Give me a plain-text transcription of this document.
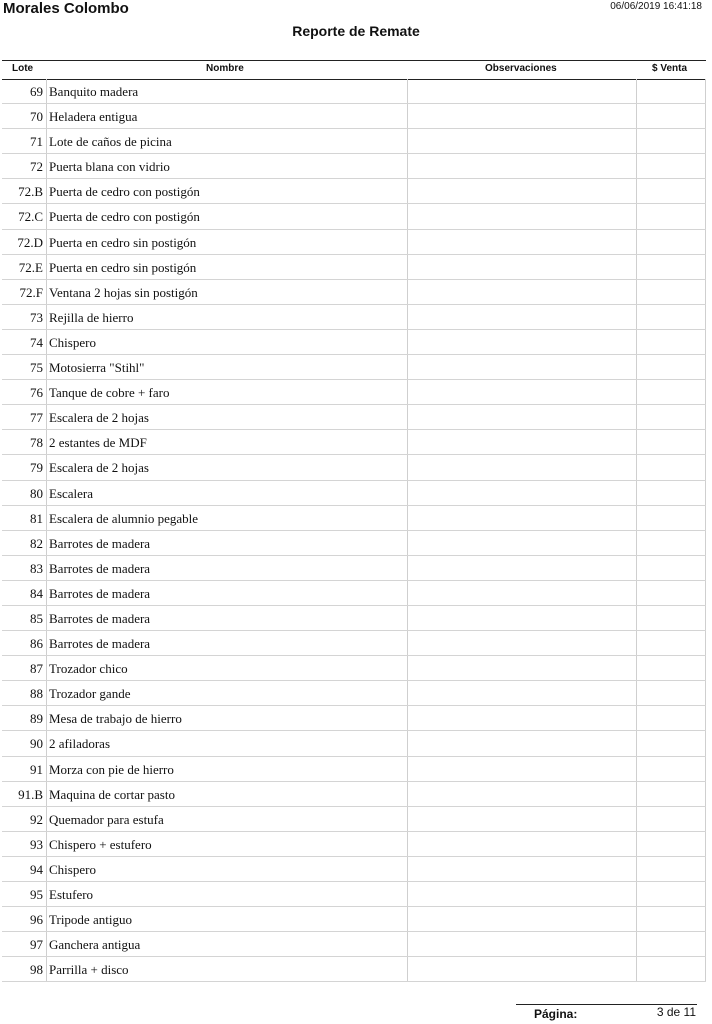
Morales Colombo	06/06/2019 16:41:18
Reporte de Remate
Lote	Nombre	Observaciones	$ Venta
69 Banquito madera
70 Heladera entigua
71 Lote de caños de picina
72 Puerta blana con vidrio
72.B Puerta de cedro con postigón
72.C Puerta de cedro con postigón
72.D Puerta en cedro sin postigón
72.E Puerta en cedro sin postigón
72.F Ventana 2 hojas sin postigón
73 Rejilla de hierro
74 Chispero
75 Motosierra "Stihl"
76 Tanque de cobre + faro
77 Escalera de 2 hojas
78 2 estantes de MDF
79 Escalera de 2 hojas
80 Escalera
81 Escalera de alumnio pegable
82 Barrotes de madera
83 Barrotes de madera
84 Barrotes de madera
85 Barrotes de madera
86 Barrotes de madera
87 Trozador chico
88 Trozador gande
89 Mesa de trabajo de hierro
90 2 afiladoras
91 Morza con pie de hierro
91.B Maquina de cortar pasto
92 Quemador para estufa
93 Chispero + estufero
94 Chispero
95 Estufero
96 Tripode antiguo
97 Ganchera antigua
98 Parrilla + disco
Página:	3 de 11
